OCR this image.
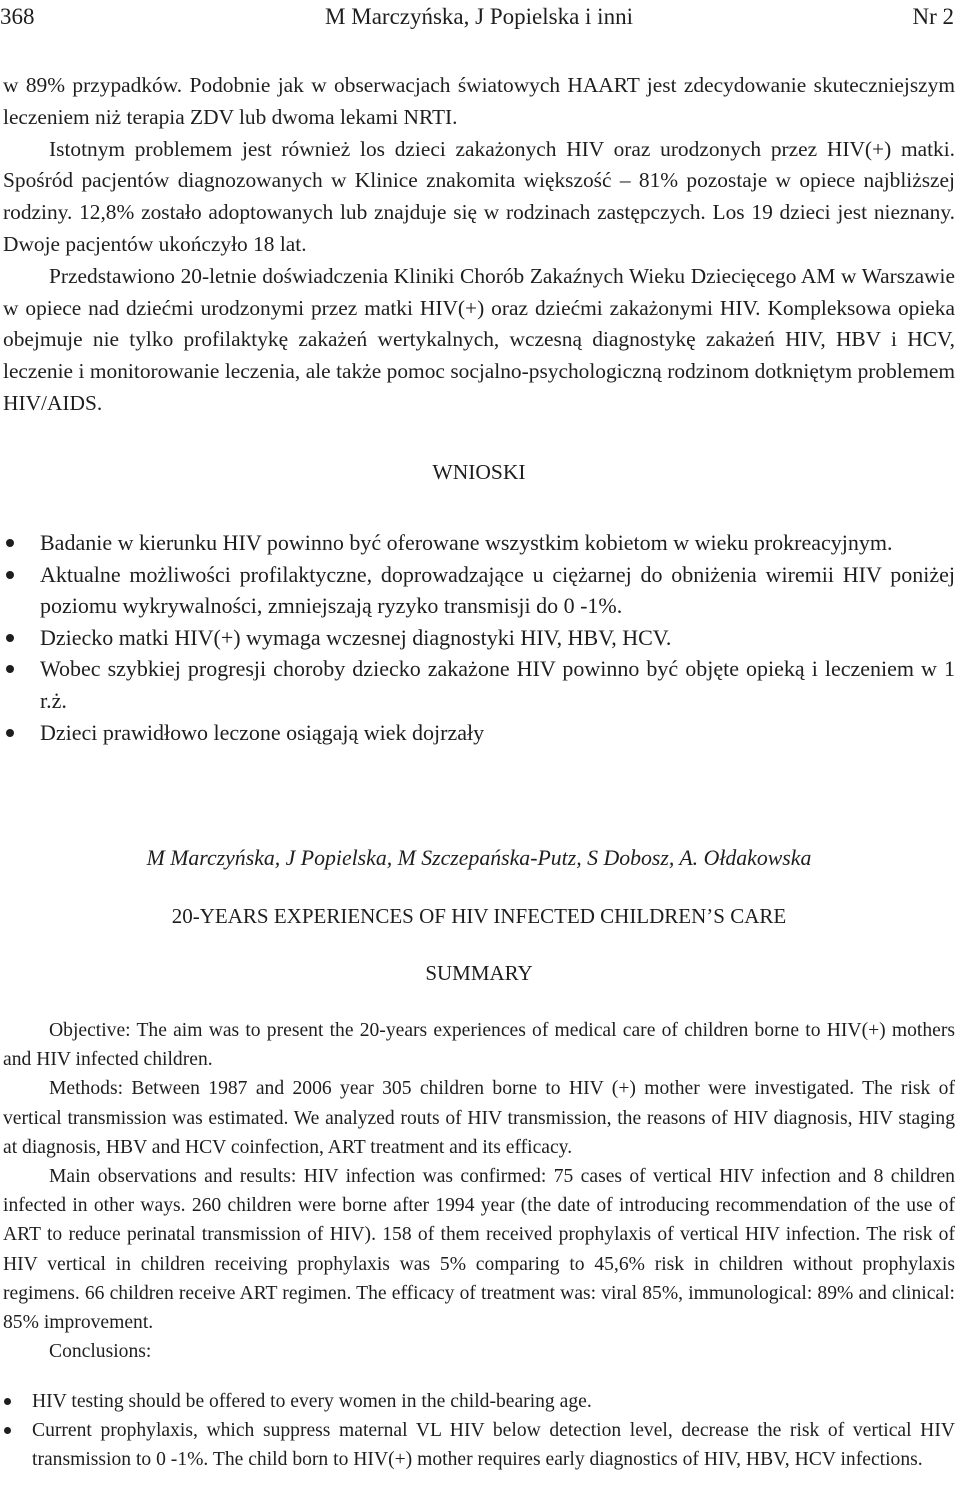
368	M Marczyńska, J Popielska i inni	Nr 2

w 89% przypadków. Podobnie jak w obserwacjach światowych HAART jest zdecydowanie skuteczniejszym leczeniem niż terapia ZDV lub dwoma lekami NRTI.

Istotnym problemem jest również los dzieci zakażonych HIV oraz urodzonych przez HIV(+) matki. Spośród pacjentów diagnozowanych w Klinice znakomita większość – 81% pozostaje w opiece najbliższej rodziny. 12,8% zostało adoptowanych lub znajduje się w rodzinach zastępczych. Los 19 dzieci jest nieznany. Dwoje pacjentów ukończyło 18 lat.

Przedstawiono 20-letnie doświadczenia Kliniki Chorób Zakaźnych Wieku Dziecięcego AM w Warszawie w opiece nad dziećmi urodzonymi przez matki HIV(+) oraz dziećmi zakażonymi HIV. Kompleksowa opieka obejmuje nie tylko profilaktykę zakażeń wertykalnych, wczesną diagnostykę zakażeń HIV, HBV i HCV, leczenie i monitorowanie leczenia, ale także pomoc socjalno-psychologiczną rodzinom dotkniętym problemem HIV/AIDS.

WNIOSKI
Badanie w kierunku HIV powinno być oferowane wszystkim kobietom w wieku prokreacyjnym.
Aktualne możliwości profilaktyczne, doprowadzające u ciężarnej do obniżenia wiremii HIV poniżej poziomu wykrywalności, zmniejszają ryzyko transmisji do 0 -1%.
Dziecko matki HIV(+) wymaga wczesnej diagnostyki HIV, HBV, HCV.
Wobec szybkiej progresji choroby dziecko zakażone HIV powinno być objęte opieką i leczeniem w 1 r.ż.
Dzieci prawidłowo leczone osiągają wiek dojrzały
M Marczyńska, J Popielska, M Szczepańska-Putz, S Dobosz, A. Ołdakowska
20-YEARS EXPERIENCES OF HIV INFECTED CHILDREN’S CARE
SUMMARY

Objective: The aim was to present the 20-years experiences of medical care of children borne to HIV(+) mothers and HIV infected children.

Methods: Between 1987 and 2006 year 305 children borne to HIV (+) mother were investigated. The risk of vertical transmission was estimated. We analyzed routs of HIV transmission, the reasons of HIV diagnosis, HIV staging at diagnosis, HBV and HCV coinfection, ART treatment and its efficacy.

Main observations and results: HIV infection was confirmed: 75 cases of vertical HIV infection and 8 children infected in other ways. 260 children were borne after 1994 year (the date of introducing recommendation of the use of ART to reduce perinatal transmission of HIV). 158 of them received prophylaxis of vertical HIV infection. The risk of HIV vertical in children receiving prophylaxis was 5% comparing to 45,6% risk in children without prophylaxis regimens. 66 children receive ART regimen. The efficacy of treatment was: viral 85%, immunological: 89% and clinical: 85% improvement.

Conclusions:

HIV testing should be offered to every women in the child-bearing age.
Current prophylaxis, which suppress maternal VL HIV below detection level, decrease the risk of vertical HIV transmission to 0 -1%. The child born to HIV(+) mother requires early diagnostics of HIV, HBV, HCV infections.
